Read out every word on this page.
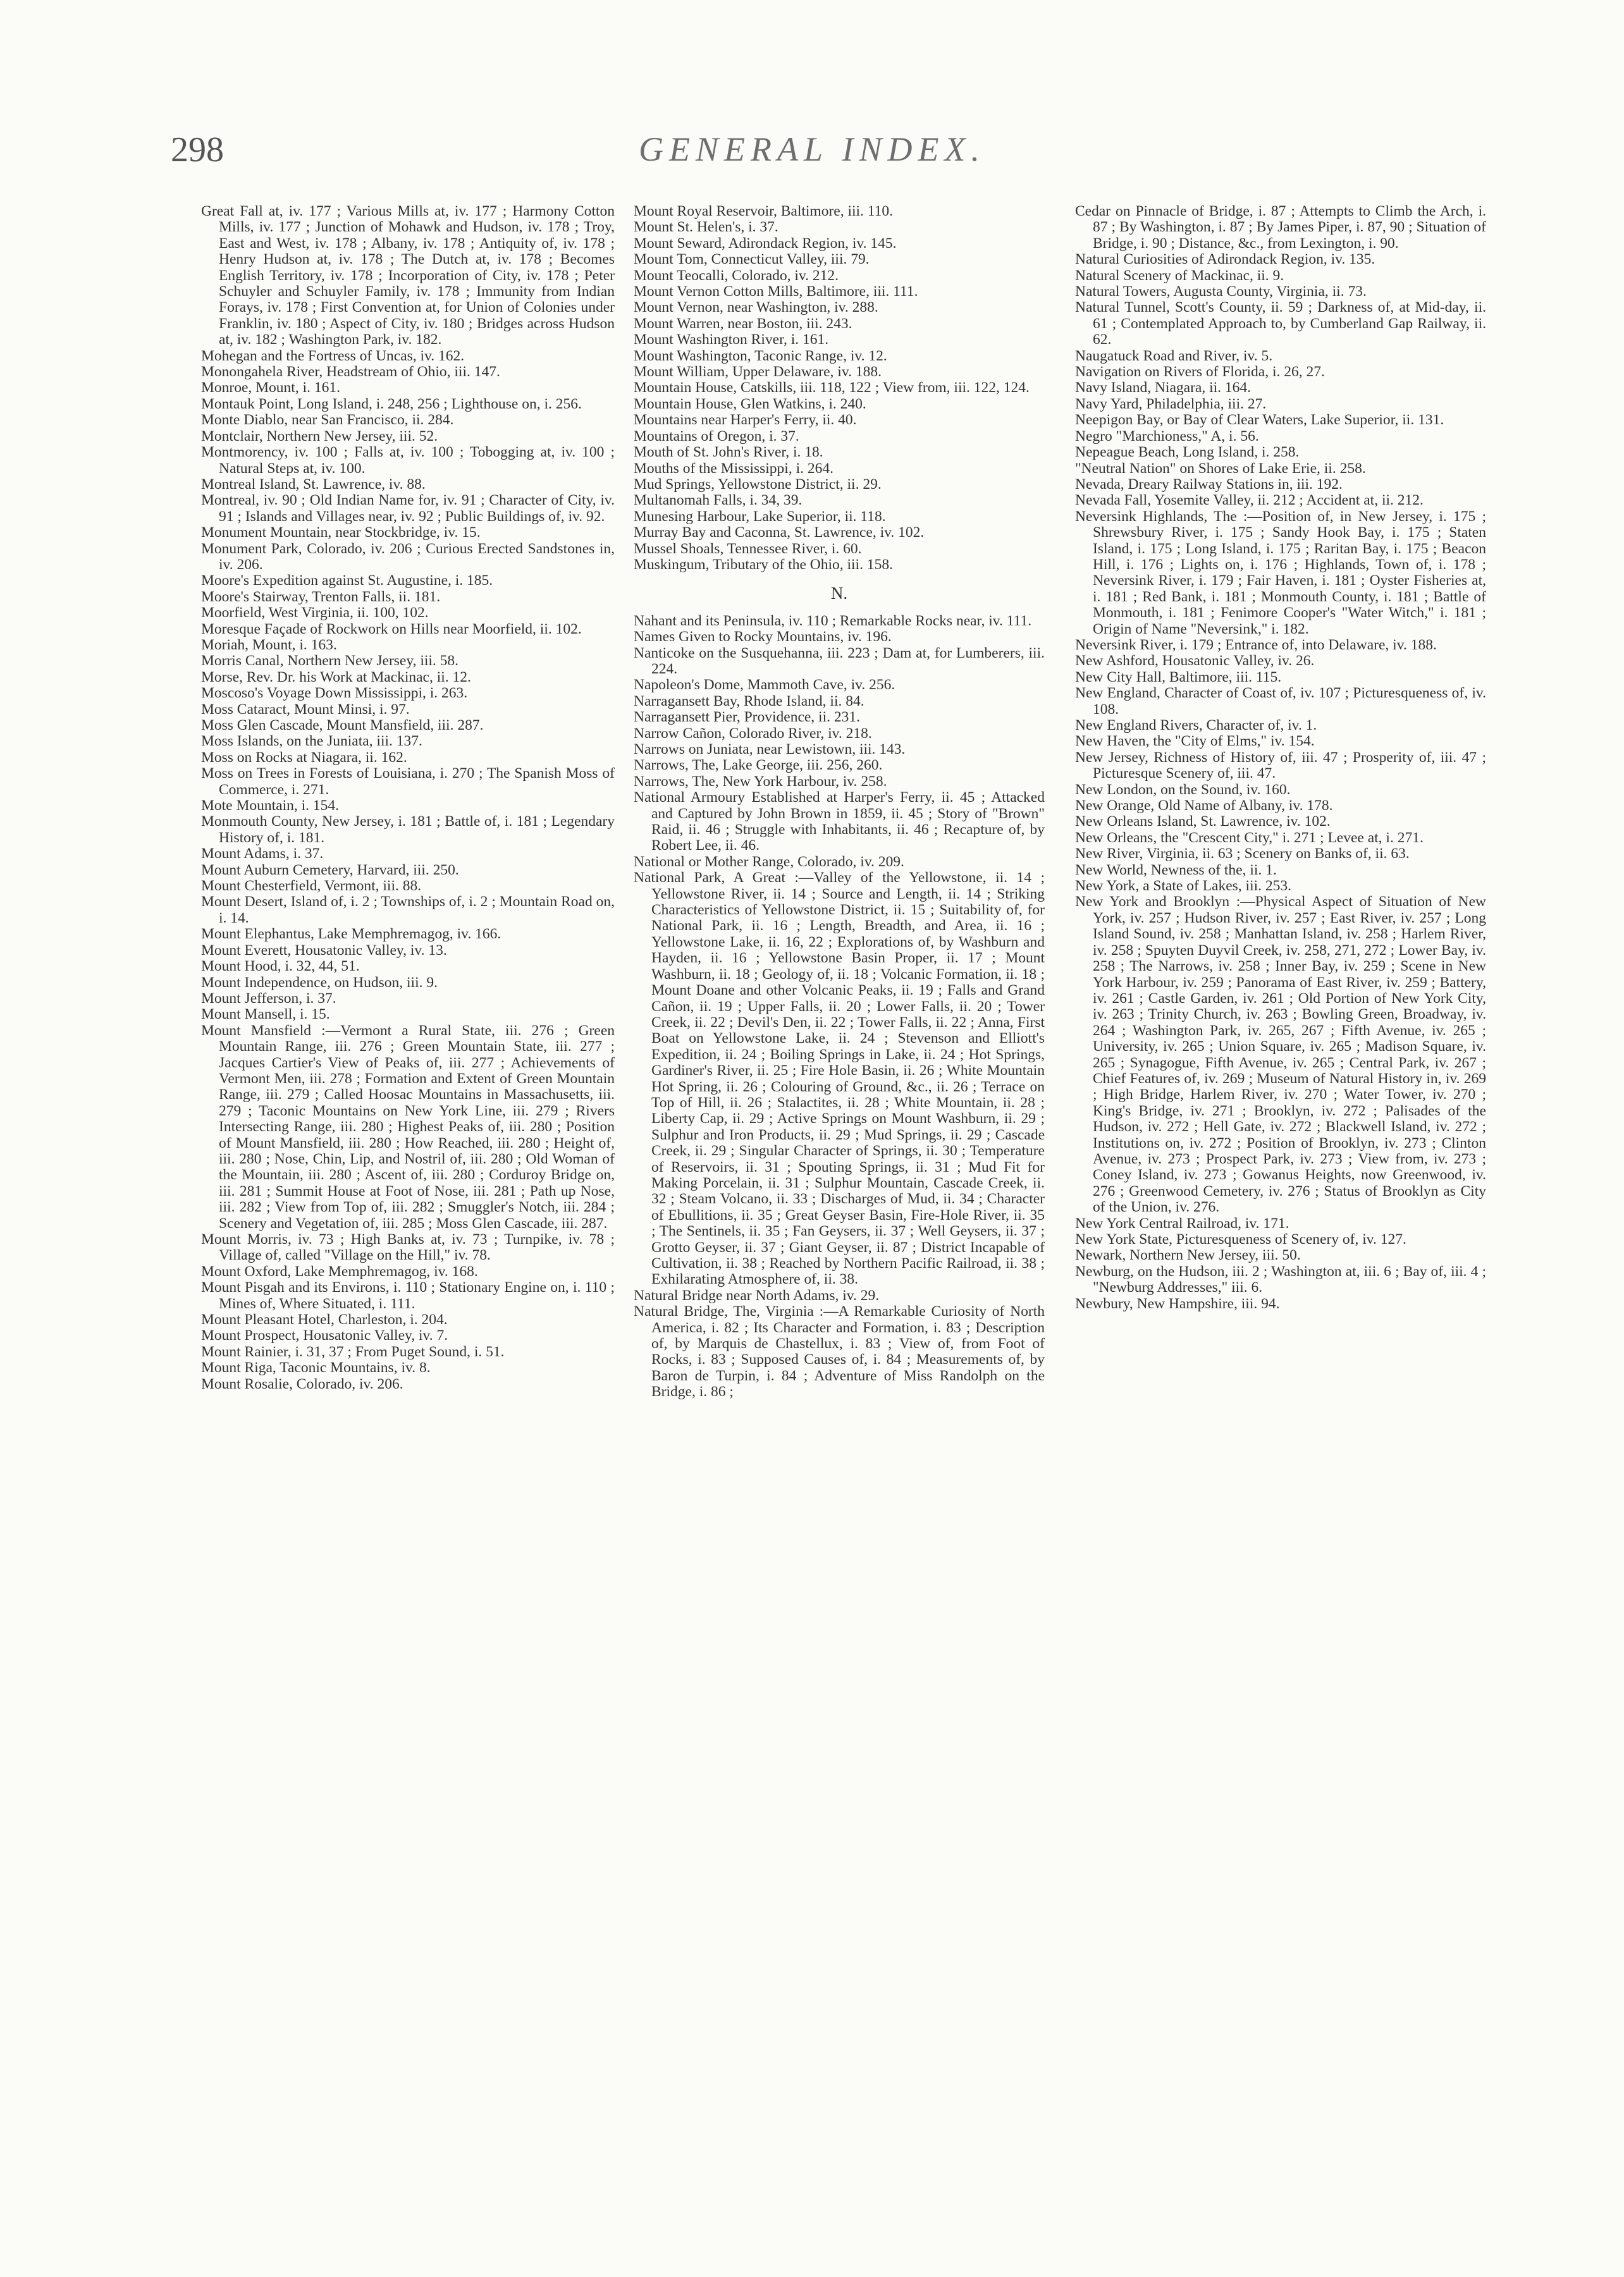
298	GENERAL INDEX.
Great Fall at, iv. 177 ; Various Mills at, iv. 177 ; Harmony Cotton Mills, iv. 177 ; Junction of Mohawk and Hudson, iv. 178 ; Troy, East and West, iv. 178 ; Albany, iv. 178 ; Antiquity of, iv. 178 ; Henry Hudson at, iv. 178 ; The Dutch at, iv. 178 ; Becomes English Territory, iv. 178 ; Incorporation of City, iv. 178 ; Peter Schuyler and Schuyler Family, iv. 178 ; Immunity from Indian Forays, iv. 178 ; First Convention at, for Union of Colonies under Franklin, iv. 180 ; Aspect of City, iv. 180 ; Bridges across Hudson at, iv. 182 ; Washington Park, iv. 182.
Mohegan and the Fortress of Uncas, iv. 162.
Monongahela River, Headstream of Ohio, iii. 147.
Monroe, Mount, i. 161.
Montauk Point, Long Island, i. 248, 256 ; Lighthouse on, i. 256.
Monte Diablo, near San Francisco, ii. 284.
Montclair, Northern New Jersey, iii. 52.
Montmorency, iv. 100 ; Falls at, iv. 100 ; Tobogging at, iv. 100 ; Natural Steps at, iv. 100.
Montreal Island, St. Lawrence, iv. 88.
Montreal, iv. 90 ; Old Indian Name for, iv. 91 ; Character of City, iv. 91 ; Islands and Villages near, iv. 92 ; Public Buildings of, iv. 92.
Monument Mountain, near Stockbridge, iv. 15.
Monument Park, Colorado, iv. 206 ; Curious Erected Sandstones in, iv. 206.
Moore's Expedition against St. Augustine, i. 185.
Moore's Stairway, Trenton Falls, ii. 181.
Moorfield, West Virginia, ii. 100, 102.
Moresque Façade of Rockwork on Hills near Moorfield, ii. 102.
Moriah, Mount, i. 163.
Morris Canal, Northern New Jersey, iii. 58.
Morse, Rev. Dr. his Work at Mackinac, ii. 12.
Moscoso's Voyage Down Mississippi, i. 263.
Moss Cataract, Mount Minsi, i. 97.
Moss Glen Cascade, Mount Mansfield, iii. 287.
Moss Islands, on the Juniata, iii. 137.
Moss on Rocks at Niagara, ii. 162.
Moss on Trees in Forests of Louisiana, i. 270 ; The Spanish Moss of Commerce, i. 271.
Mote Mountain, i. 154.
Monmouth County, New Jersey, i. 181 ; Battle of, i. 181 ; Legendary History of, i. 181.
Mount Adams, i. 37.
Mount Auburn Cemetery, Harvard, iii. 250.
Mount Chesterfield, Vermont, iii. 88.
Mount Desert, Island of, i. 2 ; Townships of, i. 2 ; Mountain Road on, i. 14.
Mount Elephantus, Lake Memphremagog, iv. 166.
Mount Everett, Housatonic Valley, iv. 13.
Mount Hood, i. 32, 44, 51.
Mount Independence, on Hudson, iii. 9.
Mount Jefferson, i. 37.
Mount Mansell, i. 15.
Mount Mansfield :—Vermont a Rural State, iii. 276 ; Green Mountain Range, iii. 276 ; Green Mountain State, iii. 277 ; Jacques Cartier's View of Peaks of, iii. 277 ; Achievements of Vermont Men, iii. 278 ; Formation and Extent of Green Mountain Range, iii. 279 ; Called Hoosac Mountains in Massachusetts, iii. 279 ; Taconic Mountains on New York Line, iii. 279 ; Rivers Intersecting Range, iii. 280 ; Highest Peaks of, iii. 280 ; Position of Mount Mansfield, iii. 280 ; How Reached, iii. 280 ; Height of, iii. 280 ; Nose, Chin, Lip, and Nostril of, iii. 280 ; Old Woman of the Mountain, iii. 280 ; Ascent of, iii. 280 ; Corduroy Bridge on, iii. 281 ; Summit House at Foot of Nose, iii. 281 ; Path up Nose, iii. 282 ; View from Top of, iii. 282 ; Smuggler's Notch, iii. 284 ; Scenery and Vegetation of, iii. 285 ; Moss Glen Cascade, iii. 287.
Mount Morris, iv. 73 ; High Banks at, iv. 73 ; Turnpike, iv. 78 ; Village of, called "Village on the Hill," iv. 78.
Mount Oxford, Lake Memphremagog, iv. 168.
Mount Pisgah and its Environs, i. 110 ; Stationary Engine on, i. 110 ; Mines of, Where Situated, i. 111.
Mount Pleasant Hotel, Charleston, i. 204.
Mount Prospect, Housatonic Valley, iv. 7.
Mount Rainier, i. 31, 37 ; From Puget Sound, i. 51.
Mount Riga, Taconic Mountains, iv. 8.
Mount Rosalie, Colorado, iv. 206.
Mount Royal Reservoir, Baltimore, iii. 110.
Mount St. Helen's, i. 37.
Mount Seward, Adirondack Region, iv. 145.
Mount Tom, Connecticut Valley, iii. 79.
Mount Teocalli, Colorado, iv. 212.
Mount Vernon Cotton Mills, Baltimore, iii. 111.
Mount Vernon, near Washington, iv. 288.
Mount Warren, near Boston, iii. 243.
Mount Washington River, i. 161.
Mount Washington, Taconic Range, iv. 12.
Mount William, Upper Delaware, iv. 188.
Mountain House, Catskills, iii. 118, 122 ; View from, iii. 122, 124.
Mountain House, Glen Watkins, i. 240.
Mountains near Harper's Ferry, ii. 40.
Mountains of Oregon, i. 37.
Mouth of St. John's River, i. 18.
Mouths of the Mississippi, i. 264.
Mud Springs, Yellowstone District, ii. 29.
Multanomah Falls, i. 34, 39.
Munesing Harbour, Lake Superior, ii. 118.
Murray Bay and Caconna, St. Lawrence, iv. 102.
Mussel Shoals, Tennessee River, i. 60.
Muskingum, Tributary of the Ohio, iii. 158.
N.
Nahant and its Peninsula, iv. 110 ; Remarkable Rocks near, iv. 111.
Names Given to Rocky Mountains, iv. 196.
Nanticoke on the Susquehanna, iii. 223 ; Dam at, for Lumberers, iii. 224.
Napoleon's Dome, Mammoth Cave, iv. 256.
Narragansett Bay, Rhode Island, ii. 84.
Narragansett Pier, Providence, ii. 231.
Narrow Cañon, Colorado River, iv. 218.
Narrows on Juniata, near Lewistown, iii. 143.
Narrows, The, Lake George, iii. 256, 260.
Narrows, The, New York Harbour, iv. 258.
National Armoury Established at Harper's Ferry, ii. 45 ; Attacked and Captured by John Brown in 1859, ii. 45 ; Story of "Brown" Raid, ii. 46 ; Struggle with Inhabitants, ii. 46 ; Recapture of, by Robert Lee, ii. 46.
National or Mother Range, Colorado, iv. 209.
National Park, A Great :—Valley of the Yellowstone, ii. 14 ; Yellowstone River, ii. 14 ; Source and Length, ii. 14 ; Striking Characteristics of Yellowstone District, ii. 15 ; Suitability of, for National Park, ii. 16 ; Length, Breadth, and Area, ii. 16 ; Yellowstone Lake, ii. 16, 22 ; Explorations of, by Washburn and Hayden, ii. 16 ; Yellowstone Basin Proper, ii. 17 ; Mount Washburn, ii. 18 ; Geology of, ii. 18 ; Volcanic Formation, ii. 18 ; Mount Doane and other Volcanic Peaks, ii. 19 ; Falls and Grand Cañon, ii. 19 ; Upper Falls, ii. 20 ; Lower Falls, ii. 20 ; Tower Creek, ii. 22 ; Devil's Den, ii. 22 ; Tower Falls, ii. 22 ; Anna, First Boat on Yellowstone Lake, ii. 24 ; Stevenson and Elliott's Expedition, ii. 24 ; Boiling Springs in Lake, ii. 24 ; Hot Springs, Gardiner's River, ii. 25 ; Fire Hole Basin, ii. 26 ; White Mountain Hot Spring, ii. 26 ; Colouring of Ground, &c., ii. 26 ; Terrace on Top of Hill, ii. 26 ; Stalactites, ii. 28 ; White Mountain, ii. 28 ; Liberty Cap, ii. 29 ; Active Springs on Mount Washburn, ii. 29 ; Sulphur and Iron Products, ii. 29 ; Mud Springs, ii. 29 ; Cascade Creek, ii. 29 ; Singular Character of Springs, ii. 30 ; Temperature of Reservoirs, ii. 31 ; Spouting Springs, ii. 31 ; Mud Fit for Making Porcelain, ii. 31 ; Sulphur Mountain, Cascade Creek, ii. 32 ; Steam Volcano, ii. 33 ; Discharges of Mud, ii. 34 ; Character of Ebullitions, ii. 35 ; Great Geyser Basin, Fire-Hole River, ii. 35 ; The Sentinels, ii. 35 ; Fan Geysers, ii. 37 ; Well Geysers, ii. 37 ; Grotto Geyser, ii. 37 ; Giant Geyser, ii. 87 ; District Incapable of Cultivation, ii. 38 ; Reached by Northern Pacific Railroad, ii. 38 ; Exhilarating Atmosphere of, ii. 38.
Natural Bridge near North Adams, iv. 29.
Natural Bridge, The, Virginia :—A Remarkable Curiosity of North America, i. 82 ; Its Character and Formation, i. 83 ; Description of, by Marquis de Chastellux, i. 83 ; View of, from Foot of Rocks, i. 83 ; Supposed Causes of, i. 84 ; Measurements of, by Baron de Turpin, i. 84 ; Adventure of Miss Randolph on the Bridge, i. 86 ;
Cedar on Pinnacle of Bridge, i. 87 ; Attempts to Climb the Arch, i. 87 ; By Washington, i. 87 ; By James Piper, i. 87, 90 ; Situation of Bridge, i. 90 ; Distance, &c., from Lexington, i. 90.
Natural Curiosities of Adirondack Region, iv. 135.
Natural Scenery of Mackinac, ii. 9.
Natural Towers, Augusta County, Virginia, ii. 73.
Natural Tunnel, Scott's County, ii. 59 ; Darkness of, at Mid-day, ii. 61 ; Contemplated Approach to, by Cumberland Gap Railway, ii. 62.
Naugatuck Road and River, iv. 5.
Navigation on Rivers of Florida, i. 26, 27.
Navy Island, Niagara, ii. 164.
Navy Yard, Philadelphia, iii. 27.
Neepigon Bay, or Bay of Clear Waters, Lake Superior, ii. 131.
Negro "Marchioness," A, i. 56.
Nepeague Beach, Long Island, i. 258.
"Neutral Nation" on Shores of Lake Erie, ii. 258.
Nevada, Dreary Railway Stations in, iii. 192.
Nevada Fall, Yosemite Valley, ii. 212 ; Accident at, ii. 212.
Neversink Highlands, The :—Position of, in New Jersey, i. 175 ; Shrewsbury River, i. 175 ; Sandy Hook Bay, i. 175 ; Staten Island, i. 175 ; Long Island, i. 175 ; Raritan Bay, i. 175 ; Beacon Hill, i. 176 ; Lights on, i. 176 ; Highlands, Town of, i. 178 ; Neversink River, i. 179 ; Fair Haven, i. 181 ; Oyster Fisheries at, i. 181 ; Red Bank, i. 181 ; Monmouth County, i. 181 ; Battle of Monmouth, i. 181 ; Fenimore Cooper's "Water Witch," i. 181 ; Origin of Name "Neversink," i. 182.
Neversink River, i. 179 ; Entrance of, into Delaware, iv. 188.
New Ashford, Housatonic Valley, iv. 26.
New City Hall, Baltimore, iii. 115.
New England, Character of Coast of, iv. 107 ; Picturesqueness of, iv. 108.
New England Rivers, Character of, iv. 1.
New Haven, the "City of Elms," iv. 154.
New Jersey, Richness of History of, iii. 47 ; Prosperity of, iii. 47 ; Picturesque Scenery of, iii. 47.
New London, on the Sound, iv. 160.
New Orange, Old Name of Albany, iv. 178.
New Orleans Island, St. Lawrence, iv. 102.
New Orleans, the "Crescent City," i. 271 ; Levee at, i. 271.
New River, Virginia, ii. 63 ; Scenery on Banks of, ii. 63.
New World, Newness of the, ii. 1.
New York, a State of Lakes, iii. 253.
New York and Brooklyn :—Physical Aspect of Situation of New York, iv. 257 ; Hudson River, iv. 257 ; East River, iv. 257 ; Long Island Sound, iv. 258 ; Manhattan Island, iv. 258 ; Harlem River, iv. 258 ; Spuyten Duyvil Creek, iv. 258, 271, 272 ; Lower Bay, iv. 258 ; The Narrows, iv. 258 ; Inner Bay, iv. 259 ; Scene in New York Harbour, iv. 259 ; Panorama of East River, iv. 259 ; Battery, iv. 261 ; Castle Garden, iv. 261 ; Old Portion of New York City, iv. 263 ; Trinity Church, iv. 263 ; Bowling Green, Broadway, iv. 264 ; Washington Park, iv. 265, 267 ; Fifth Avenue, iv. 265 ; University, iv. 265 ; Union Square, iv. 265 ; Madison Square, iv. 265 ; Synagogue, Fifth Avenue, iv. 265 ; Central Park, iv. 267 ; Chief Features of, iv. 269 ; Museum of Natural History in, iv. 269 ; High Bridge, Harlem River, iv. 270 ; Water Tower, iv. 270 ; King's Bridge, iv. 271 ; Brooklyn, iv. 272 ; Palisades of the Hudson, iv. 272 ; Hell Gate, iv. 272 ; Blackwell Island, iv. 272 ; Institutions on, iv. 272 ; Position of Brooklyn, iv. 273 ; Clinton Avenue, iv. 273 ; Prospect Park, iv. 273 ; View from, iv. 273 ; Coney Island, iv. 273 ; Gowanus Heights, now Greenwood, iv. 276 ; Greenwood Cemetery, iv. 276 ; Status of Brooklyn as City of the Union, iv. 276.
New York Central Railroad, iv. 171.
New York State, Picturesqueness of Scenery of, iv. 127.
Newark, Northern New Jersey, iii. 50.
Newburg, on the Hudson, iii. 2 ; Washington at, iii. 6 ; Bay of, iii. 4 ; "Newburg Addresses," iii. 6.
Newbury, New Hampshire, iii. 94.
